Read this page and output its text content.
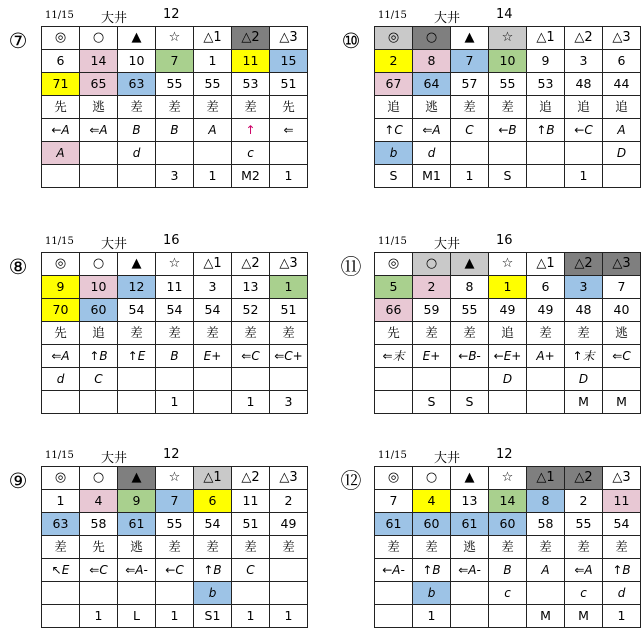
⑦
11/15 大井	12
◎	○	▲	☆	△1	△2	△3
6	14	10	7	1	11	15
71	65	63	55	55	53	51
先	逃	差	差	差	差	先
←A	⇐A	B	B	A	↑	⇐
A		d			c	
			3	1	M2	1
⑩
11/15 大井	14
◎	○	▲	☆	△1	△2	△3
2	8	7	10	9	3	6
67	64	57	55	53	48	44
追	逃	差	差	追	追	追
↑C	⇐A	C	←B	↑B	←C	A
b	d					D
S	M1	1	S		1	
⑧
11/15 大井	16
◎	○	▲	☆	△1	△2	△3
9	10	12	11	3	13	1
70	60	54	54	54	52	51
先	追	差	差	差	差	差
⇐A	↑B	↑E	B	E+	⇐C	⇐C+
d	C					
			1		1	3
⑪
11/15 大井	16
◎	○	▲	☆	△1	△2	△3
5	2	8	1	6	3	7
66	59	55	49	49	48	40
先	差	差	追	差	差	逃
⇐末	E+	←B-	←E+	A+	↑末	⇐C
			D		D	
	S	S			M	M
⑨
11/15 大井	12
◎	○	▲	☆	△1	△2	△3
1	4	9	7	6	11	2
63	58	61	55	54	51	49
差	先	逃	差	差	差	差
↖E	⇐C	⇐A-	←C	↑B	C	
				b		
	1	L	1	S1	1	1
⑫
11/15 大井	12
◎	○	▲	☆	△1	△2	△3
7	4	13	14	8	2	11
61	60	61	60	58	55	54
差	差	逃	差	差	差	差
←A-	↑B	⇐A-	B	A	⇐A	↑B
	b		c		c	d
	1			M	M	1
